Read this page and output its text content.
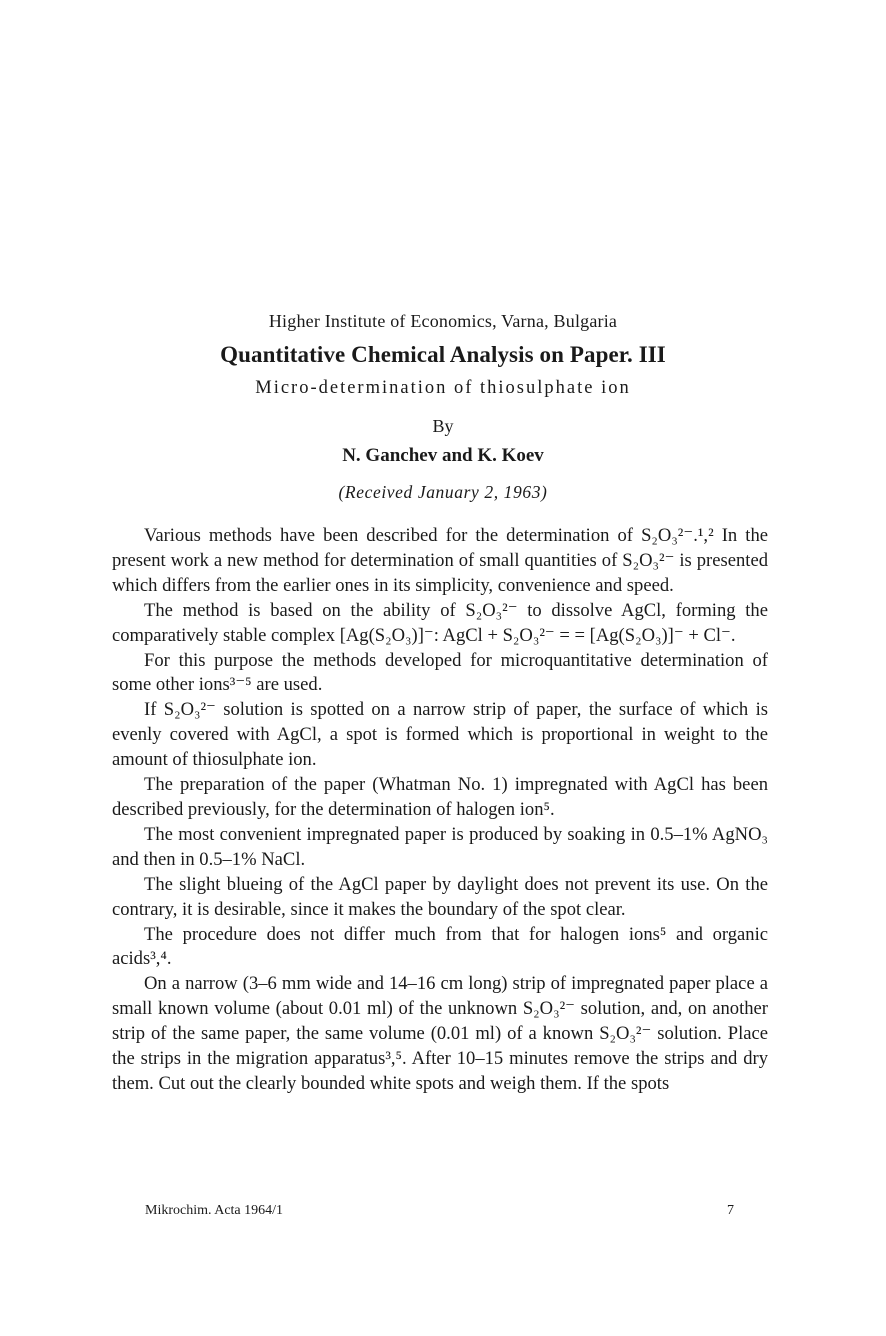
Higher Institute of Economics, Varna, Bulgaria
Quantitative Chemical Analysis on Paper. III
Micro-determination of thiosulphate ion
By
N. Ganchev and K. Koev
(Received January 2, 1963)

Various methods have been described for the determination of S₂O₃²⁻.¹,² In the present work a new method for determination of small quantities of S₂O₃²⁻ is presented which differs from the earlier ones in its simplicity, convenience and speed.

The method is based on the ability of S₂O₃²⁻ to dissolve AgCl, forming the comparatively stable complex [Ag(S₂O₃)]⁻: AgCl + S₂O₃²⁻ = = [Ag(S₂O₃)]⁻ + Cl⁻.

For this purpose the methods developed for microquantitative determination of some other ions³⁻⁵ are used.

If S₂O₃²⁻ solution is spotted on a narrow strip of paper, the surface of which is evenly covered with AgCl, a spot is formed which is proportional in weight to the amount of thiosulphate ion.

The preparation of the paper (Whatman No. 1) impregnated with AgCl has been described previously, for the determination of halogen ion⁵.

The most convenient impregnated paper is produced by soaking in 0.5–1% AgNO₃ and then in 0.5–1% NaCl.

The slight blueing of the AgCl paper by daylight does not prevent its use. On the contrary, it is desirable, since it makes the boundary of the spot clear.

The procedure does not differ much from that for halogen ions⁵ and organic acids³,⁴.

On a narrow (3–6 mm wide and 14–16 cm long) strip of impregnated paper place a small known volume (about 0.01 ml) of the unknown S₂O₃²⁻ solution, and, on another strip of the same paper, the same volume (0.01 ml) of a known S₂O₃²⁻ solution. Place the strips in the migration apparatus³,⁵. After 10–15 minutes remove the strips and dry them. Cut out the clearly bounded white spots and weigh them. If the spots

Mikrochim. Acta 1964/1	7
